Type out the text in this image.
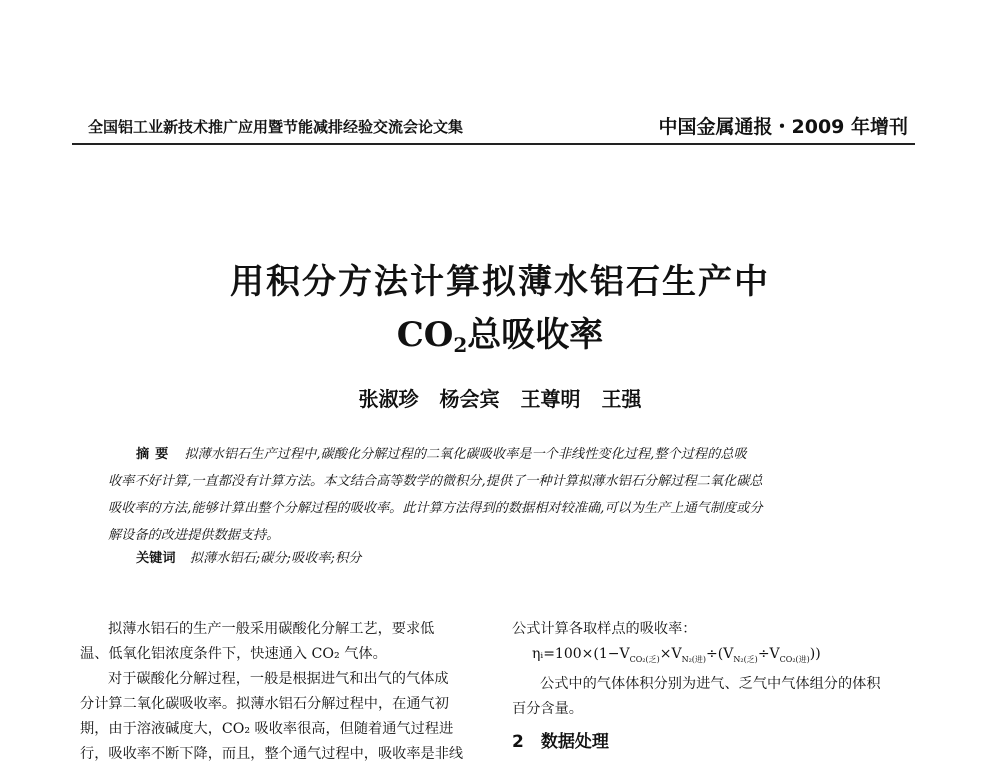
全国铝工业新技术推广应用暨节能减排经验交流会论文集	中国金属通报・2009 年增刊
用积分方法计算拟薄水铝石生产中
$CO_2$总吸收率
张淑珍 杨会宾 王尊明 王强
摘要 拟薄水铝石生产过程中,碳酸化分解过程的二氧化碳吸收率是一个非线性变化过程,整个过程的总吸
收率不好计算,一直都没有计算方法。本文结合高等数学的微积分,提供了一种计算拟薄水铝石分解过程二氧化碳总
吸收率的方法,能够计算出整个分解过程的吸收率。此计算方法得到的数据相对较准确,可以为生产上通气制度或分
解设备的改进提供数据支持。
关键词 拟薄水铝石;碳分;吸收率;积分
拟薄水铝石的生产一般采用碳酸化分解工艺，要求低
温、低氧化铝浓度条件下，快速通入 CO₂ 气体。
对于碳酸化分解过程，一般是根据进气和出气的气体成
分计算二氧化碳吸收率。拟薄水铝石分解过程中，在通气初
期，由于溶液碱度大，CO₂ 吸收率很高，但随着通气过程进
行，吸收率不断下降，而且，整个通气过程中，吸收率是非线
公式计算各取样点的吸收率：
$\eta ᵢ=100\times(1-V_{CO_2(乏)}\times V_{N_2(进)}\div(V_{N_2(乏)}\div V_{CO_2(进)}))$
公式中的气体体积分别为进气、乏气中气体组分的体积
百分含量。
2　数据处理
